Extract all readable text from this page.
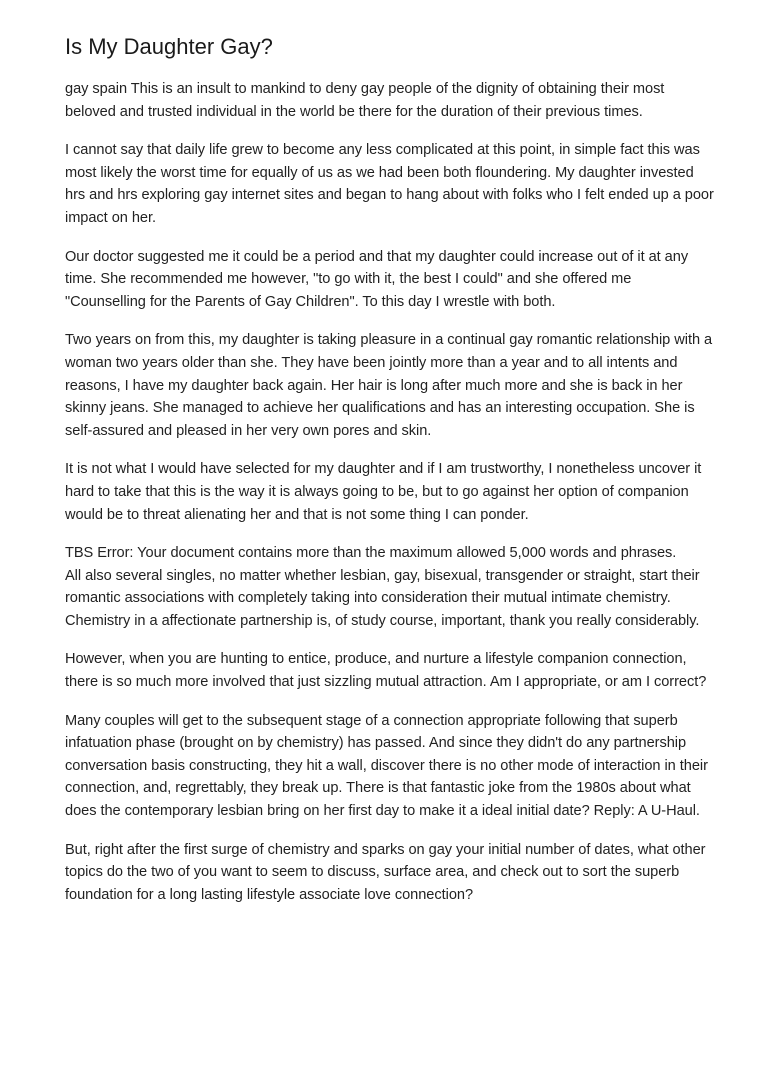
Is My Daughter Gay?

gay spain This is an insult to mankind to deny gay people of the dignity of obtaining their most beloved and trusted individual in the world be there for the duration of their previous times.

I cannot say that daily life grew to become any less complicated at this point, in simple fact this was most likely the worst time for equally of us as we had been both floundering. My daughter invested hrs and hrs exploring gay internet sites and began to hang about with folks who I felt ended up a poor impact on her.

Our doctor suggested me it could be a period and that my daughter could increase out of it at any time. She recommended me however, "to go with it, the best I could" and she offered me "Counselling for the Parents of Gay Children". To this day I wrestle with both.

Two years on from this, my daughter is taking pleasure in a continual gay romantic relationship with a woman two years older than she. They have been jointly more than a year and to all intents and reasons, I have my daughter back again. Her hair is long after much more and she is back in her skinny jeans. She managed to achieve her qualifications and has an interesting occupation. She is self-assured and pleased in her very own pores and skin.

It is not what I would have selected for my daughter and if I am trustworthy, I nonetheless uncover it hard to take that this is the way it is always going to be, but to go against her option of companion would be to threat alienating her and that is not some thing I can ponder.

TBS Error: Your document contains more than the maximum allowed 5,000 words and phrases.

All also several singles, no matter whether lesbian, gay, bisexual, transgender or straight, start their romantic associations with completely taking into consideration their mutual intimate chemistry. Chemistry in a affectionate partnership is, of study course, important, thank you really considerably.

However, when you are hunting to entice, produce, and nurture a lifestyle companion connection, there is so much more involved that just sizzling mutual attraction. Am I appropriate, or am I correct?

Many couples will get to the subsequent stage of a connection appropriate following that superb infatuation phase (brought on by chemistry) has passed. And since they didn't do any partnership conversation basis constructing, they hit a wall, discover there is no other mode of interaction in their connection, and, regrettably, they break up. There is that fantastic joke from the 1980s about what does the contemporary lesbian bring on her first day to make it a ideal initial date? Reply: A U-Haul.

But, right after the first surge of chemistry and sparks on gay your initial number of dates, what other topics do the two of you want to seem to discuss, surface area, and check out to sort the superb foundation for a long lasting lifestyle associate love connection?
